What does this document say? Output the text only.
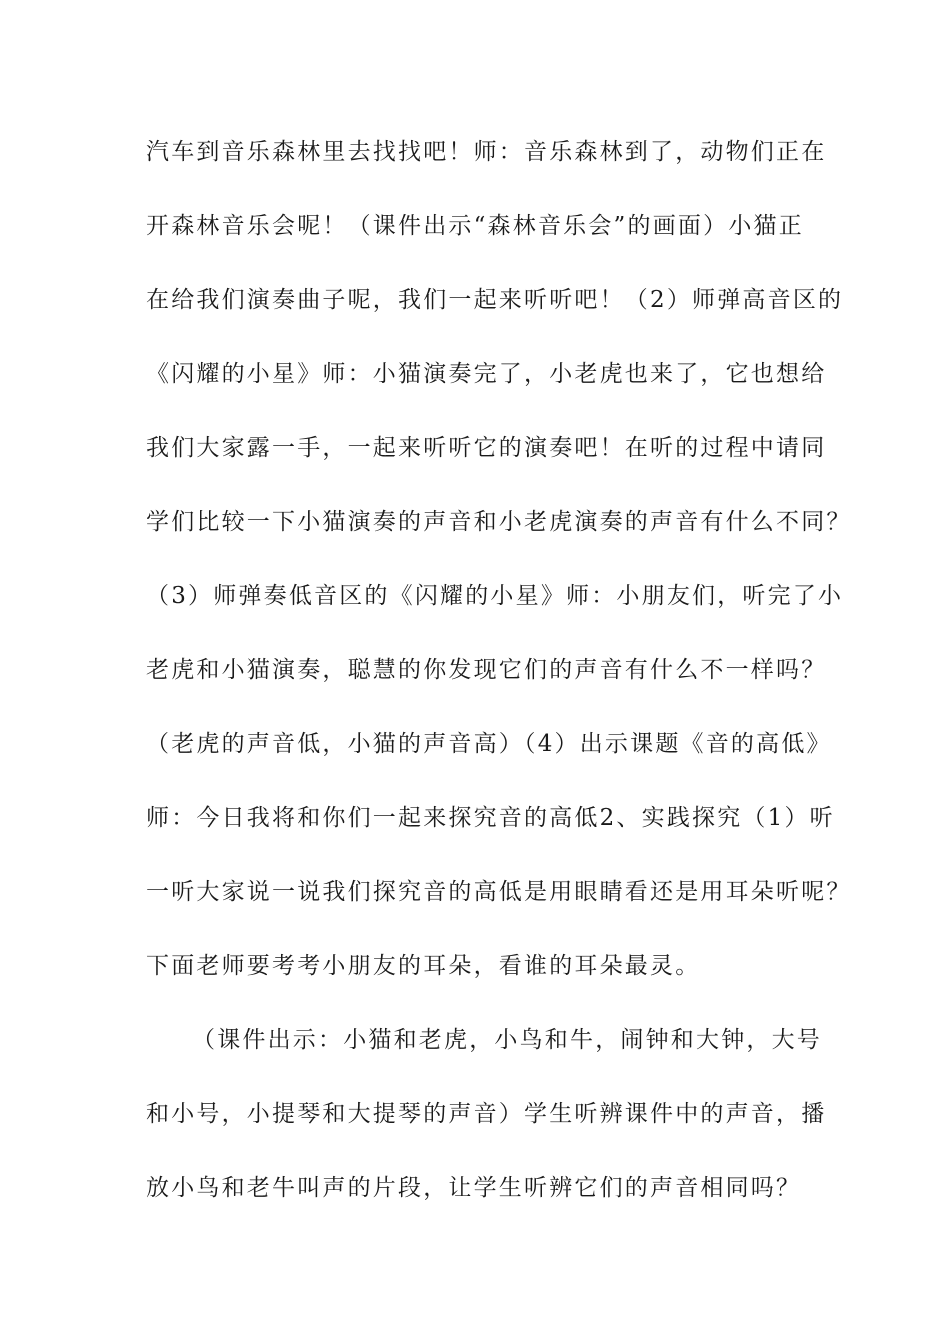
汽车到音乐森林里去找找吧！师：音乐森林到了，动物们正在
开森林音乐会呢！（课件出示“森林音乐会”的画面）小猫正
在给我们演奏曲子呢，我们一起来听听吧！（2）师弹高音区的
《闪耀的小星》师：小猫演奏完了，小老虎也来了，它也想给
我们大家露一手，一起来听听它的演奏吧！在听的过程中请同
学们比较一下小猫演奏的声音和小老虎演奏的声音有什么不同？
（3）师弹奏低音区的《闪耀的小星》师：小朋友们，听完了小
老虎和小猫演奏，聪慧的你发现它们的声音有什么不一样吗？
（老虎的声音低，小猫的声音高）（4）出示课题《音的高低》
师：今日我将和你们一起来探究音的高低2、实践探究（1）听
一听大家说一说我们探究音的高低是用眼睛看还是用耳朵听呢？
下面老师要考考小朋友的耳朵，看谁的耳朵最灵。
（课件出示：小猫和老虎，小鸟和牛，闹钟和大钟，大号
和小号，小提琴和大提琴的声音）学生听辨课件中的声音，播
放小鸟和老牛叫声的片段，让学生听辨它们的声音相同吗？
